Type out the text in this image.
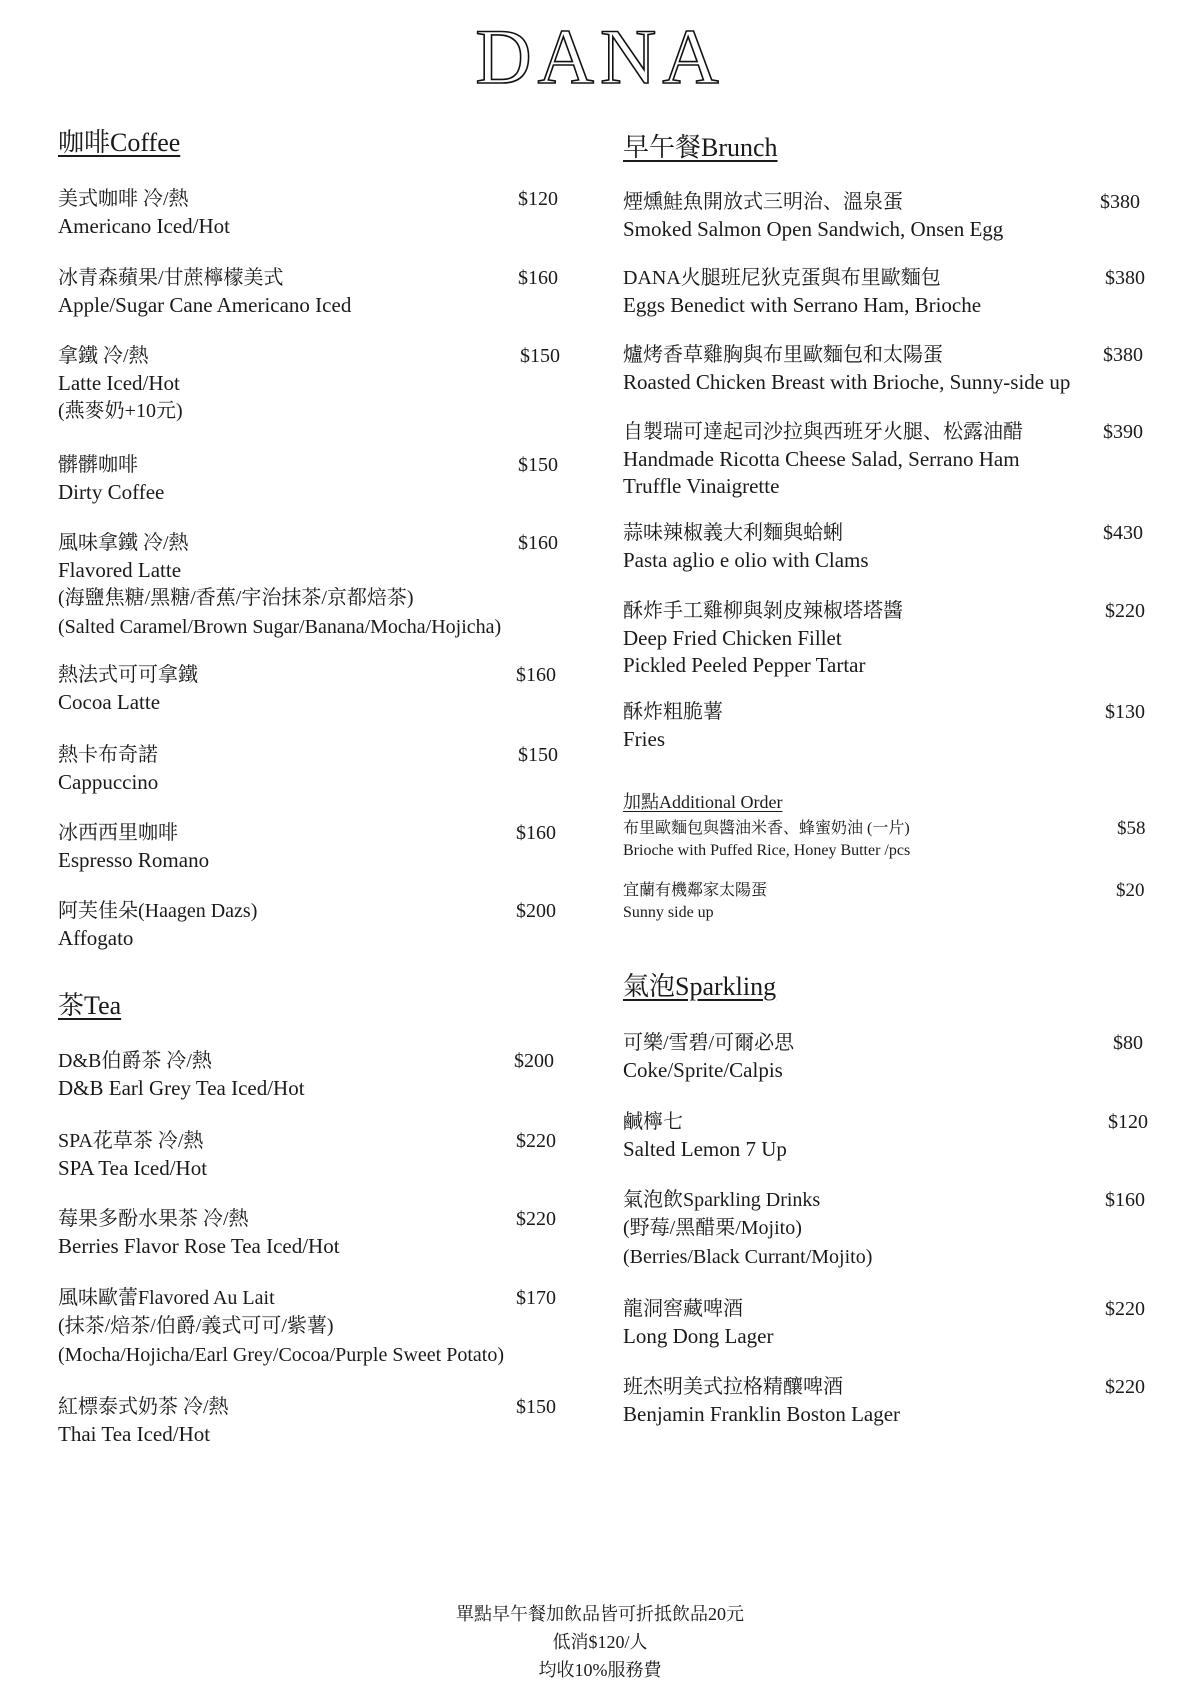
DANA
咖啡Coffee
美式咖啡 冷/熱
Americano Iced/Hot
$120
冰青森蘋果/甘蔗檸檬美式
Apple/Sugar Cane Americano Iced
$160
拿鐵 冷/熱
Latte Iced/Hot
(燕麥奶+10元)
$150
髒髒咖啡
Dirty Coffee
$150
風味拿鐵 冷/熱
Flavored Latte
(海鹽焦糖/黑糖/香蕉/宇治抹茶/京都焙茶)
(Salted Caramel/Brown Sugar/Banana/Mocha/Hojicha)
$160
熱法式可可拿鐵
Cocoa Latte
$160
熱卡布奇諾
Cappuccino
$150
冰西西里咖啡
Espresso Romano
$160
阿芙佳朵(Haagen Dazs)
Affogato
$200
茶Tea
D&B伯爵茶 冷/熱
D&B Earl Grey Tea Iced/Hot
$200
SPA花草茶 冷/熱
SPA Tea Iced/Hot
$220
莓果多酚水果茶 冷/熱
Berries Flavor Rose Tea Iced/Hot
$220
風味歐蕾Flavored Au Lait
(抹茶/焙茶/伯爵/義式可可/紫薯)
(Mocha/Hojicha/Earl Grey/Cocoa/Purple Sweet Potato)
$170
紅標泰式奶茶 冷/熱
Thai Tea Iced/Hot
$150
早午餐Brunch
煙燻鮭魚開放式三明治、溫泉蛋
Smoked Salmon Open Sandwich, Onsen Egg
$380
DANA火腿班尼狄克蛋與布里歐麵包
Eggs Benedict with Serrano Ham, Brioche
$380
爐烤香草雞胸與布里歐麵包和太陽蛋
Roasted Chicken Breast with Brioche, Sunny-side up
$380
自製瑞可達起司沙拉與西班牙火腿、松露油醋
Handmade Ricotta Cheese Salad, Serrano Ham
Truffle Vinaigrette
$390
蒜味辣椒義大利麵與蛤蜊
Pasta aglio e olio with Clams
$430
酥炸手工雞柳與剝皮辣椒塔塔醬
Deep Fried Chicken Fillet
Pickled Peeled Pepper Tartar
$220
酥炸粗脆薯
Fries
$130
加點Additional Order
布里歐麵包與醬油米香、蜂蜜奶油 (一片)
Brioche with Puffed Rice, Honey Butter /pcs
$58
宜蘭有機鄰家太陽蛋
Sunny side up
$20
氣泡Sparkling
可樂/雪碧/可爾必思
Coke/Sprite/Calpis
$80
鹹檸七
Salted Lemon 7 Up
$120
氣泡飲Sparkling Drinks
(野莓/黑醋栗/Mojito)
(Berries/Black Currant/Mojito)
$160
龍洞窖藏啤酒
Long Dong Lager
$220
班杰明美式拉格精釀啤酒
Benjamin Franklin Boston Lager
$220
單點早午餐加飲品皆可折抵飲品20元
低消$120/人
均收10%服務費
